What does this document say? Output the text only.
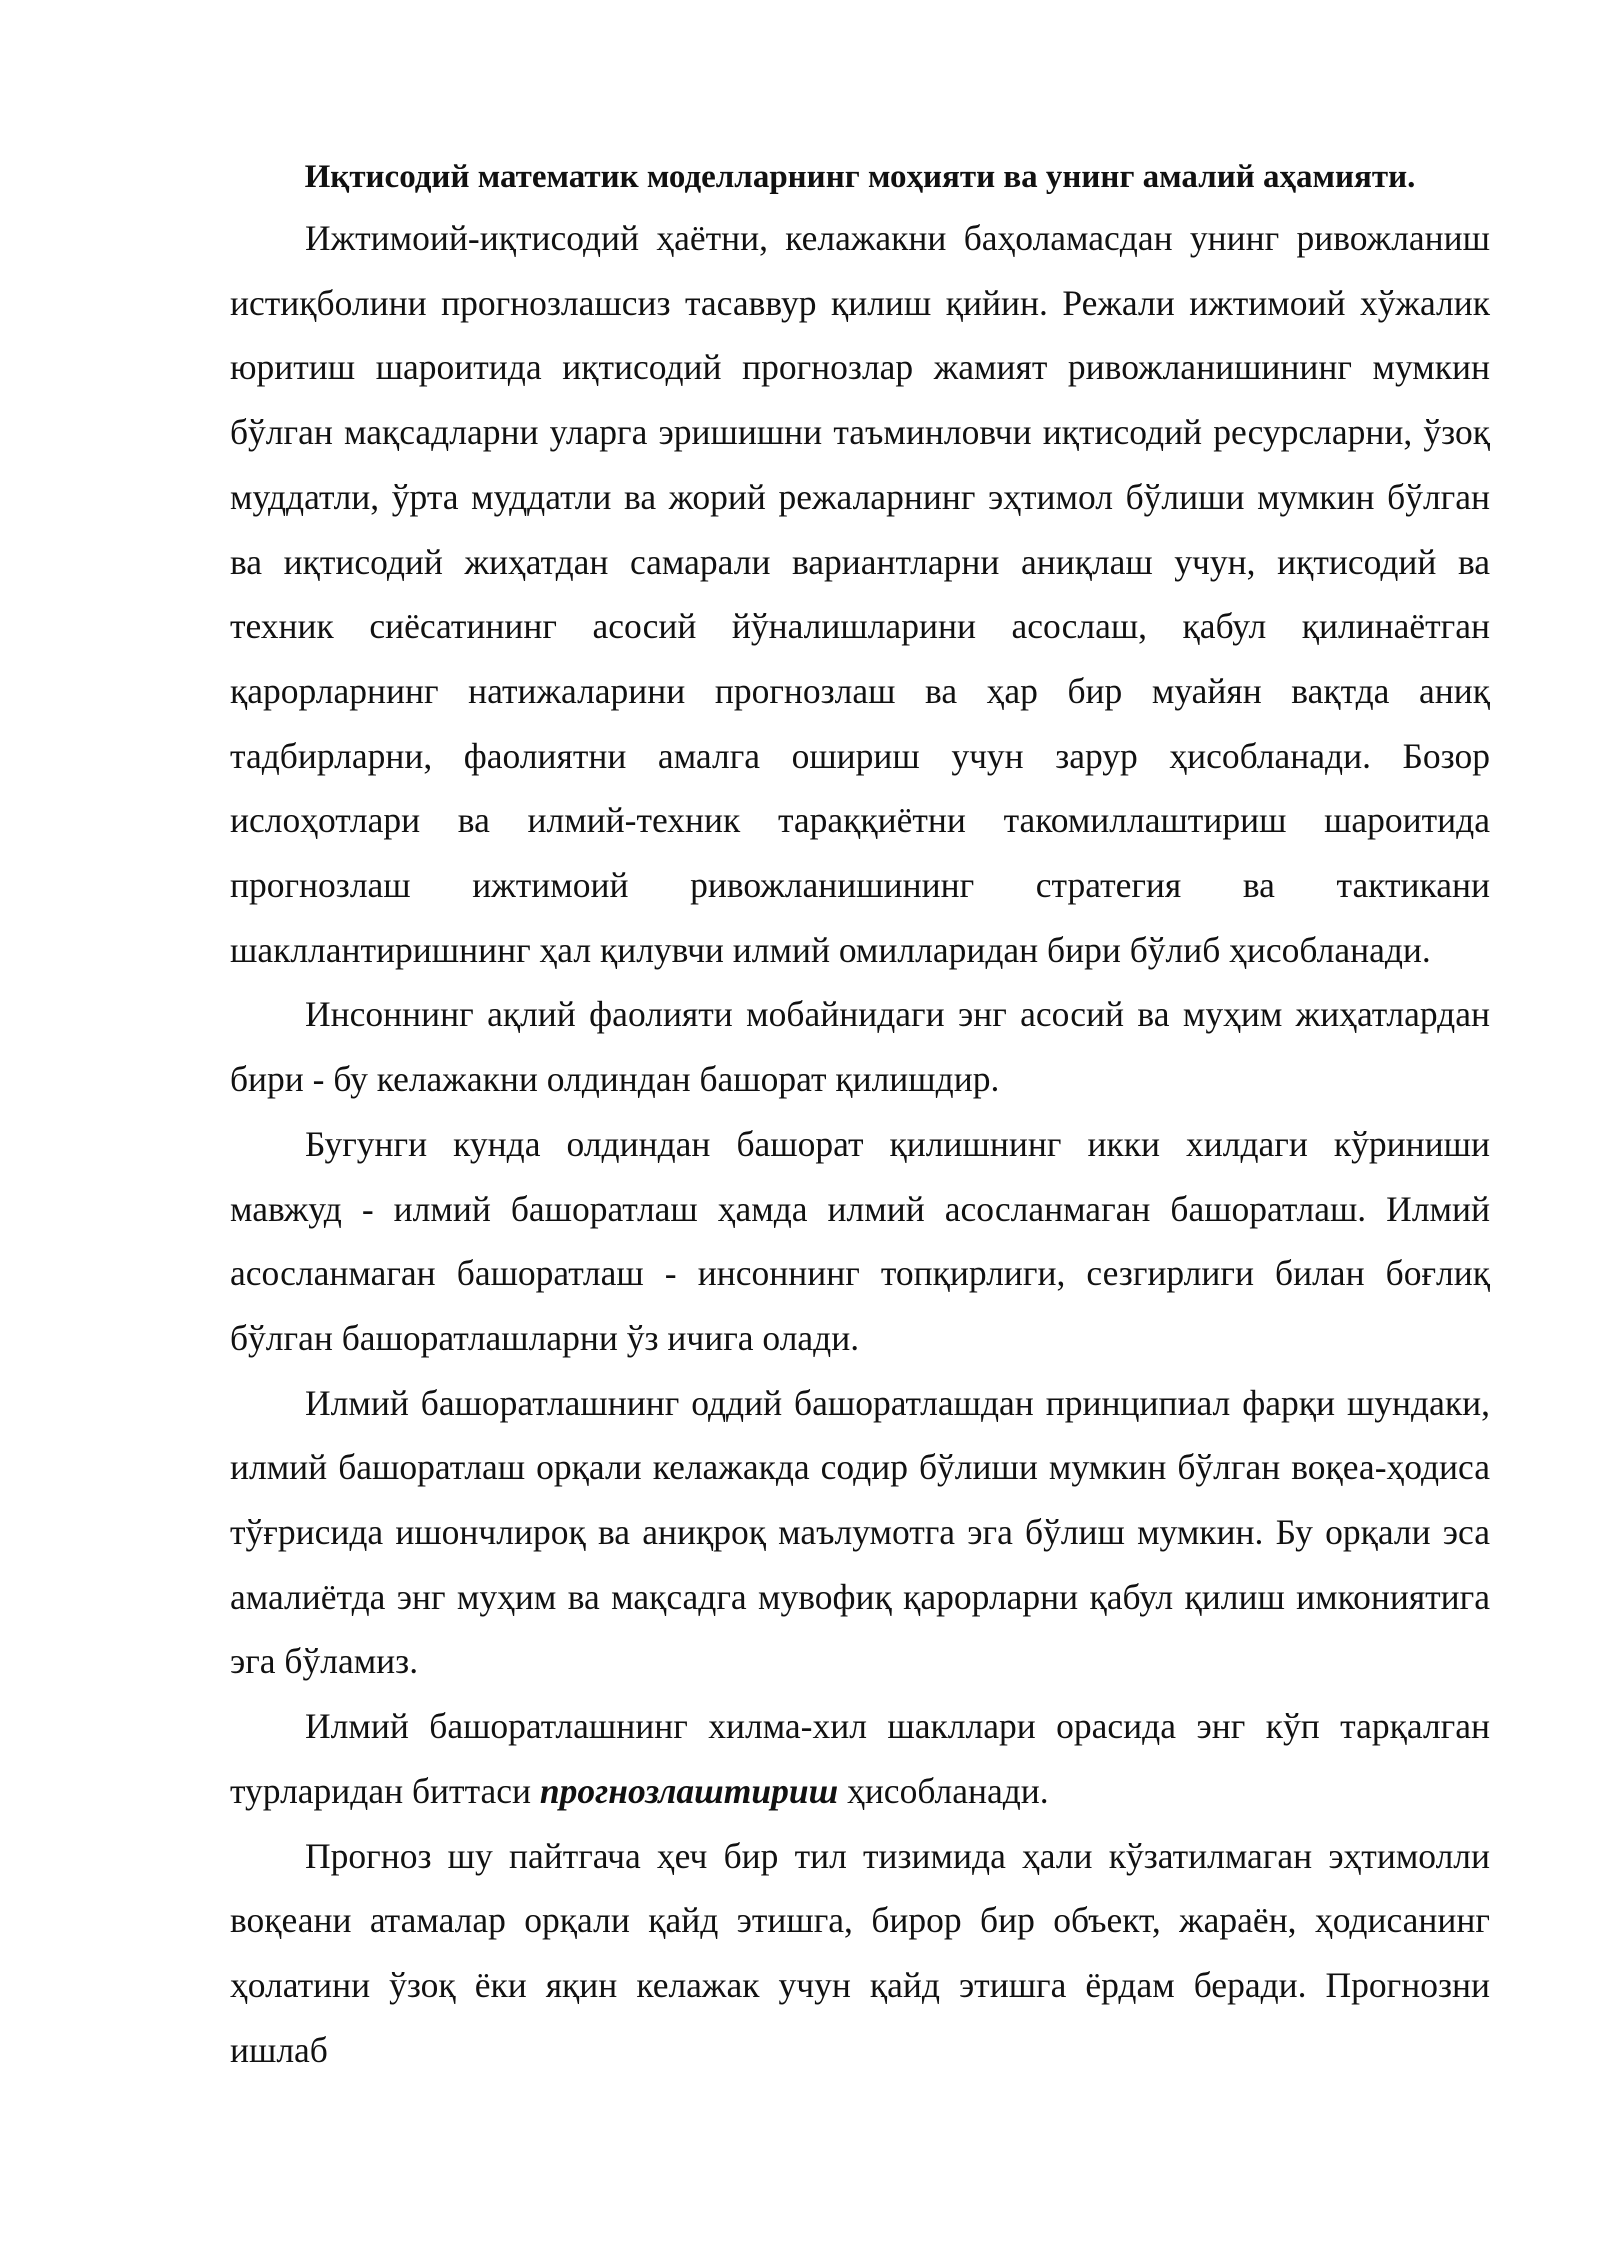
Иқтисодий математик моделларнинг моҳияти ва унинг амалий аҳамияти.

Ижтимоий-иқтисодий ҳаётни, келажакни баҳоламасдан унинг ривожланиш истиқболини прогнозлашсиз тасаввур қилиш қийин. Режали ижтимоий хўжалик юритиш шароитида иқтисодий прогнозлар жамият ривожланишининг мумкин бўлган мақсадларни уларга эришишни таъминловчи иқтисодий ресурсларни, ўзоқ муддатли, ўрта муддатли ва жорий режаларнинг эҳтимол бўлиши мумкин бўлган ва иқтисодий жиҳатдан самарали вариантларни аниқлаш учун, иқтисодий ва техник сиёсатининг асосий йўналишларини асослаш, қабул қилинаётган қарорларнинг натижаларини прогнозлаш ва ҳар бир муайян вақтда аниқ тадбирларни, фаолиятни амалга ошириш учун зарур ҳисобланади. Бозор ислоҳотлари ва илмий-техник тараққиётни такомиллаштириш шароитида прогнозлаш ижтимоий ривожланишининг стратегия ва тактикани шакллантиришнинг ҳал қилувчи илмий омилларидан бири бўлиб ҳисобланади.

Инсоннинг ақлий фаолияти мобайнидаги энг асосий ва муҳим жиҳатлардан бири - бу келажакни олдиндан башорат қилишдир.

Бугунги кунда олдиндан башорат қилишнинг икки хилдаги кўриниши мавжуд - илмий башоратлаш ҳамда илмий асосланмаган башоратлаш. Илмий асосланмаган башоратлаш - инсоннинг топқирлиги, сезгирлиги билан боғлиқ бўлган башоратлашларни ўз ичига олади.

Илмий башоратлашнинг оддий башоратлашдан принципиал фарқи шундаки, илмий башоратлаш орқали келажакда содир бўлиши мумкин бўлган воқеа-ҳодиса тўғрисида ишончлироқ ва аниқроқ маълумотга эга бўлиш мумкин. Бу орқали эса амалиётда энг муҳим ва мақсадга мувофиқ қарорларни қабул қилиш имкониятига эга бўламиз.

Илмий башоратлашнинг хилма-хил шакллари орасида энг кўп тарқалган турларидан биттаси прогнозлаштириш ҳисобланади.

Прогноз шу пайтгача ҳеч бир тил тизимида ҳали кўзатилмаган эҳтимолли воқеани атамалар орқали қайд этишга, бирор бир объект, жараён, ҳодисанинг ҳолатини ўзоқ ёки яқин келажак учун қайд этишга ёрдам беради. Прогнозни ишлаб
